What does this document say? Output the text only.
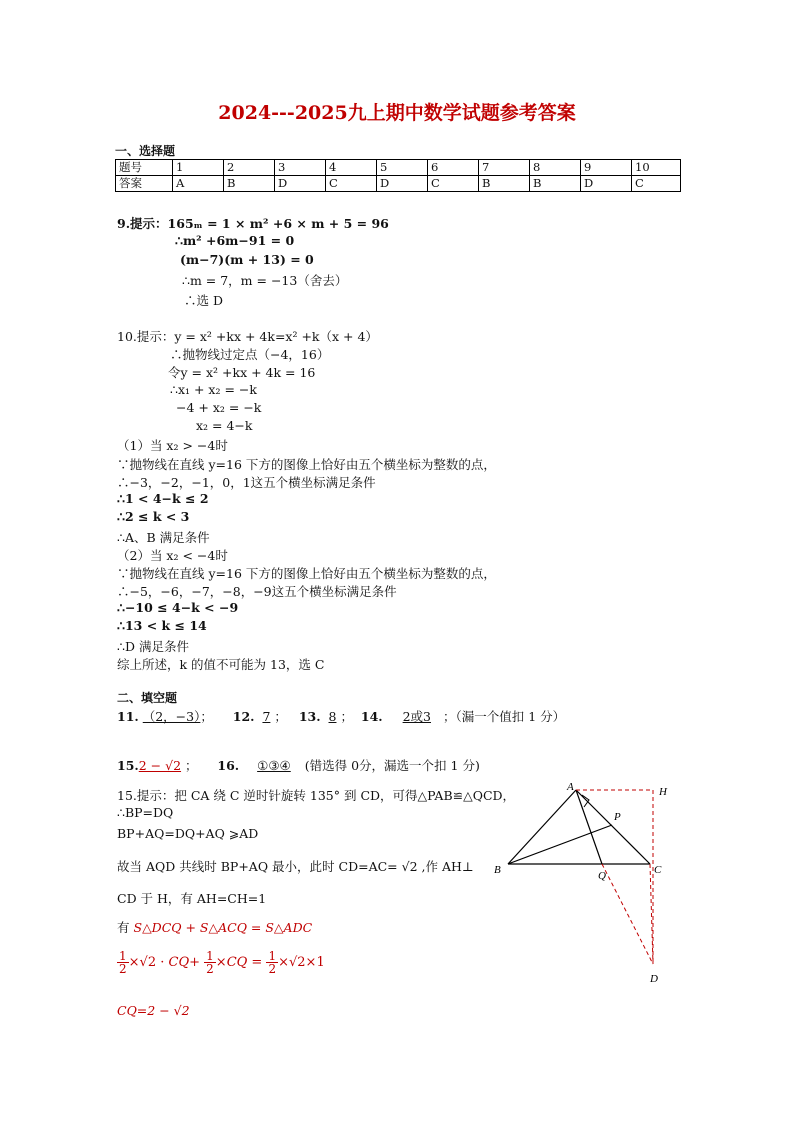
2024---2025九上期中数学试题参考答案
一、选择题
题号	1	2	3	4	5	6	7	8	9	10
答案	A	B	D	C	D	C	B	B	D	C
9.提示：165ₘ = 1 × m² +6 × m + 5 = 96
∴m² +6m−91 = 0
(m−7)(m + 13) = 0
∴m = 7，m = −13（舍去）
∴选 D
10.提示：y = x² +kx + 4k=x² +k（x + 4）
∴抛物线过定点（−4，16）
令y = x² +kx + 4k = 16
∴x₁ + x₂ = −k
−4 + x₂ = −k
x₂ = 4−k
（1）当 x₂ > −4时
∵抛物线在直线 y=16 下方的图像上恰好由五个横坐标为整数的点，
∴−3，−2，−1，0，1这五个横坐标满足条件
∴1 < 4−k ≤ 2
∴2 ≤ k < 3
∴A、B 满足条件
（2）当 x₂ < −4时
∵抛物线在直线 y=16 下方的图像上恰好由五个横坐标为整数的点，
∴−5，−6，−7，−8，−9这五个横坐标满足条件
∴−10 ≤ 4−k < −9
∴13 < k ≤ 14
∴D 满足条件
综上所述，k 的值不可能为 13，选 C
二、填空题
11. （2，−3）；     12. 7 ；   13. 8 ；  14. 2或3 ；（漏一个值扣 1 分）
15.2 − √2 ；     16. ①③④ (错选得 0分，漏选一个扣 1 分)
15.提示：把 CA 绕 C 逆时针旋转 135° 到 CD，可得△PAB≌△QCD，
∴BP=DQ
BP+AQ=DQ+AQ ⩾AD
故当 AQD 共线时 BP+AQ 最小，此时 CD=AC= √2 ,作 AH⊥
CD 于 H，有 AH=CH=1
有 S△DCQ + S△ACQ = S△ADC
$\frac{1}{2} \times√2 \cdot CQ+ \frac{1}{2} \times CQ = \frac{1}{2} \times√2\times 1$
CQ=2 − √2
A	H
P
B	Q	C
D
